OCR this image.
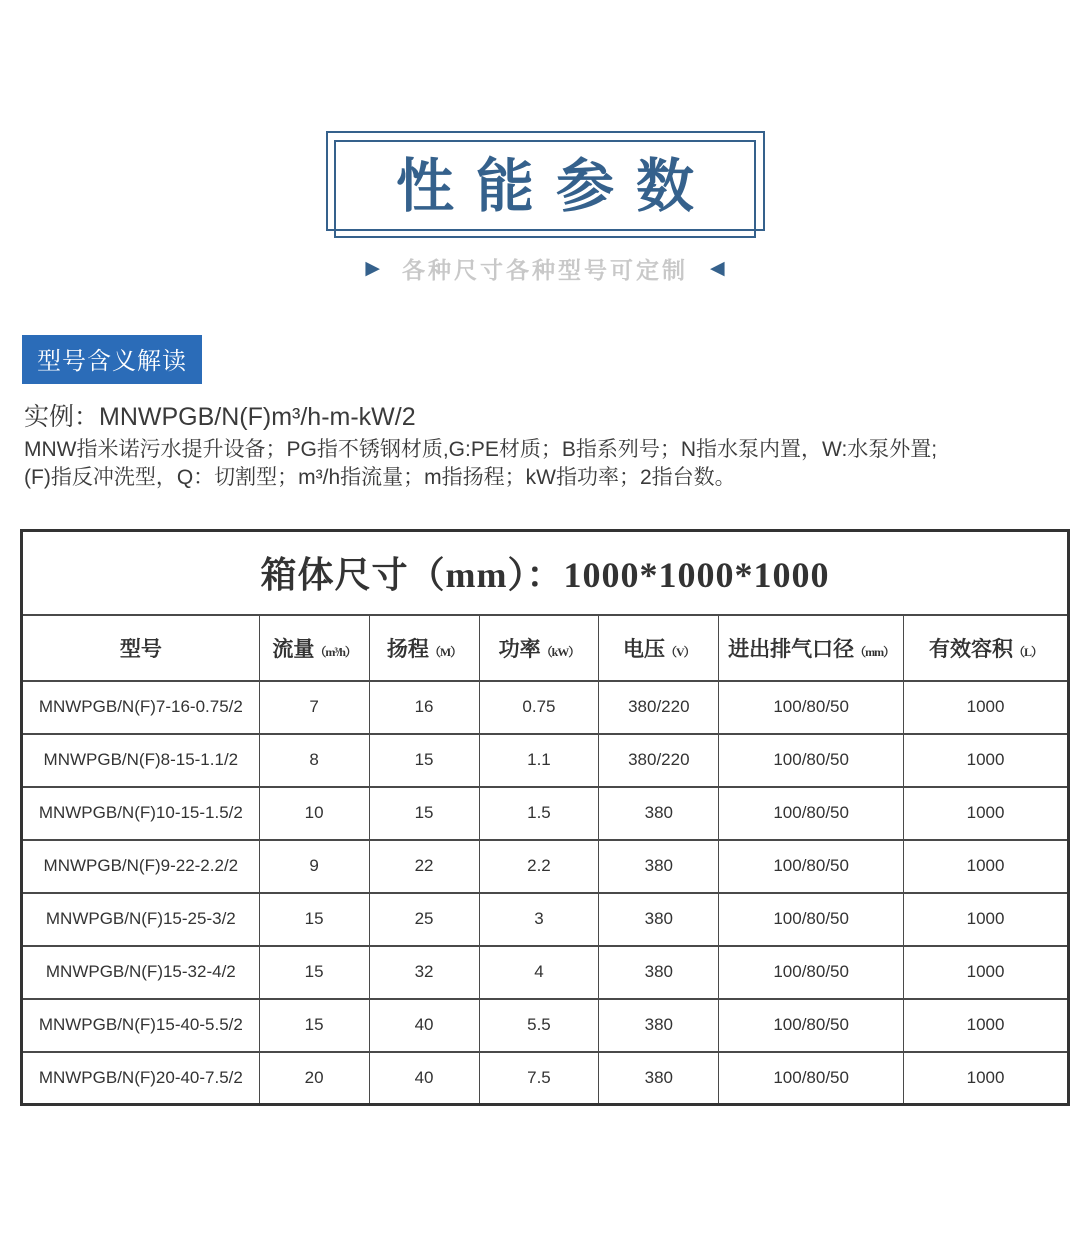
性能参数
▶ 各种尺寸各种型号可定制 ◀
型号含义解读
实例：MNWPGB/N(F)m³/h-m-kW/2
MNW指米诺污水提升设备；PG指不锈钢材质,G:PE材质；B指系列号；N指水泵内置，W:水泵外置;
(F)指反冲洗型，Q：切割型；m³/h指流量；m指扬程；kW指功率；2指台数。
箱体尺寸（mm）：1000*1000*1000						
型号	流量（m³/h）	扬程（M）	功率（kW）	电压（V）	进出排气口径（mm）	有效容积（L）
MNWPGB/N(F)7-16-0.75/2	7	16	0.75	380/220	100/80/50	1000
MNWPGB/N(F)8-15-1.1/2	8	15	1.1	380/220	100/80/50	1000
MNWPGB/N(F)10-15-1.5/2	10	15	1.5	380	100/80/50	1000
MNWPGB/N(F)9-22-2.2/2	9	22	2.2	380	100/80/50	1000
MNWPGB/N(F)15-25-3/2	15	25	3	380	100/80/50	1000
MNWPGB/N(F)15-32-4/2	15	32	4	380	100/80/50	1000
MNWPGB/N(F)15-40-5.5/2	15	40	5.5	380	100/80/50	1000
MNWPGB/N(F)20-40-7.5/2	20	40	7.5	380	100/80/50	1000
